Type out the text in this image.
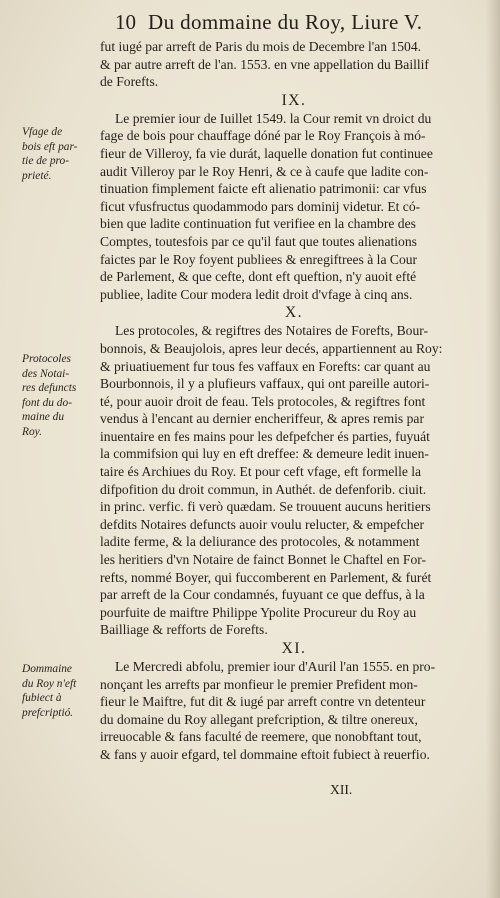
10 Du dommaine du Roy, Liure V.
fut iugé par arreft de Paris du mois de Decembre l'an 1504.
& par autre arreft de l'an. 1553. en vne appellation du Baillif
de Forefts.
IX.
Le premier iour de Iuillet 1549. la Cour remit vn droict du
fage de bois pour chauffage dóné par le Roy François à mó-
fieur de Villeroy, fa vie durát, laquelle donation fut continuee
audit Villeroy par le Roy Henri, & ce à caufe que ladite con-
tinuation fimplement faicte eft alienatio patrimonii: car vfus
ficut vfusfructus quodammodo pars dominij videtur. Et có-
bien que ladite continuation fut verifiee en la chambre des
Comptes, toutesfois par ce qu'il faut que toutes alienations
faictes par le Roy foyent publiees & enregiftrees à la Cour
de Parlement, & que cefte, dont eft queftion, n'y auoit efté
publiee, ladite Cour modera ledit droit d'vfage à cinq ans.
X.
Les protocoles, & regiftres des Notaires de Forefts, Bour-
bonnois, & Beaujolois, apres leur decés, appartiennent au Roy:
& priuatiuement fur tous fes vaffaux en Forefts: car quant au
Bourbonnois, il y a plufieurs vaffaux, qui ont pareille autori-
té, pour auoir droit de feau. Tels protocoles, & regiftres font
vendus à l'encant au dernier encheriffeur, & apres remis par
inuentaire en fes mains pour les defpefcher és parties, fuyuát
la commifsion qui luy en eft dreffee: & demeure ledit inuen-
taire és Archiues du Roy. Et pour ceft vfage, eft formelle la
difpofition du droit commun, in Authét. de defenforib. ciuit.
in princ. verfic. fi verò quædam. Se trouuent aucuns heritiers
defdits Notaires defuncts auoir voulu relucter, & empefcher
ladite ferme, & la deliurance des protocoles, & notamment
les heritiers d'vn Notaire de fainct Bonnet le Chaftel en For-
refts, nommé Boyer, qui fuccomberent en Parlement, & furét
par arreft de la Cour condamnés, fuyuant ce que deffus, à la
pourfuite de maiftre Philippe Ypolite Procureur du Roy au
Bailliage & refforts de Forefts.
XI.
Le Mercredi abfolu, premier iour d'Auril l'an 1555. en pro-
nonçant les arrefts par monfieur le premier Prefident mon-
fieur le Maiftre, fut dit & iugé par arreft contre vn detenteur
du domaine du Roy allegant prefcription, & tiltre onereux,
irreuocable & fans faculté de reemere, que nonobftant tout,
& fans y auoir efgard, tel dommaine eftoit fubiect à reuerfio.
Vfage de
bois eft par-
tie de pro-
prieté.
Protocoles
des Notai-
res defuncts
font du do-
maine du
Roy.
Dommaine
du Roy n'eft
fubiect à
prefcriptió.
XII.
